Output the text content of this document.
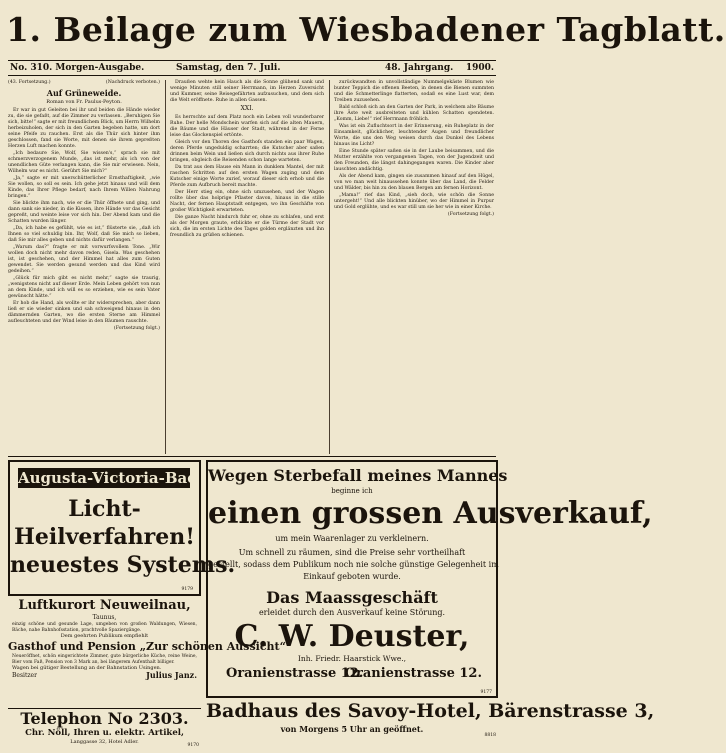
1. Beilage zum Wiesbadener Tagblatt.
No. 310. Morgen-Ausgabe.	Samstag, den 7. Juli.	48. Jahrgang. 1900.
(43. Fortsetzung.)	(Nachdruck verboten.)
Auf Grüneweide.
Roman von Fr. Paulus-Peyton.

Er war in gut Geleiten bei ihr und beiden die Hände wieder zu, die sie gefaßt, auf die Zimmer zu verlassen. „Beruhigen Sie sich, bitte!“ sagte er mit freundlichem Blick, um Herrn Wilhelm herbeizuholen, der sich in den Garten begeben hatte, um dort seine Pfeife zu rauchen. Erst als die Thür sich hinter ihm geschlossen, fand sie Worte, mit denen sie ihrem gepreßten Herzen Luft machen konnte.

„Ich bedaure Sie, Wolf, Sie wissen's,“ sprach sie mit schmerzverzogenem Munde, „das ist mehr, als ich von der unendlichen Güte verlangen kann, die Sie mir erwiesen. Nein, Wilhelm war es nicht. Gerührt Sie mich?“

„Ja,“ sagte er mit unerschütterlicher Ernsthaftigkeit, „wie Sie wollen, so soll es sein. Ich gehe jetzt hinaus und will dem Kinde, das Ihrer Pflege bedarf, nach Ihrem Willen Nahrung bringen.“

Sie blickte ihm nach, wie er die Thür öffnete und ging, und dann sank sie nieder, in die Kissen, ihre Hände vor das Gesicht gepreßt, und weinte leise vor sich hin. Der Abend kam und die Schatten wurden länger.

„Da, ich habe es gefühlt, wie es ist,“ flüsterte sie, „daß ich Ihnen so viel schuldig bin. Ihr, Wolf, daß Sie mich so lieben, daß Sie mir alles geben und nichts dafür verlangen.“

„Warum das?“ fragte er mit vorwurfsvollem Tone. „Wir wollen doch nicht mehr davon reden, Gisela. Was geschehen ist, ist geschehen, und der Himmel hat alles zum Guten gewendet. Sie werden gesund werden und das Kind wird gedeihen.“

„Glück für mich gibt es nicht mehr,“ sagte sie traurig, „wenigstens nicht auf dieser Erde. Mein Leben gehört von nun an dem Kinde, und ich will es so erziehen, wie es sein Vater gewünscht hätte.“

Er hob die Hand, als wollte er ihr widersprechen, aber dann ließ er sie wieder sinken und sah schweigend hinaus in den dämmernden Garten, wo die ersten Sterne am Himmel aufleuchteten und der Wind leise in den Bäumen rauschte.

(Fortsetzung folgt.)

Draußen wehte kein Hauch als die Sonne glühend sank und wenige Minuten still seiner Herrmann, im Herzen Zuversicht und Kummer, seine Reisegefährten aufzusuchen, und dem sich die Welt eröffnete. Ruhe in allen Gassen.

XXI.

Es herrschte auf dem Platz noch ein Leben voll wunderbarer Ruhe. Der helle Mondschein warfen sich auf die alten Mauern, die Bäume und die Häuser der Stadt, während in der Ferne leise das Glockenspiel ertönte.

Gleich vor den Thoren des Gasthofs standen ein paar Wagen, deren Pferde ungeduldig scharrten; die Kutscher aber saßen drinnen beim Wein und ließen sich durch nichts aus ihrer Ruhe bringen, obgleich die Reisenden schon lange warteten.

Da trat aus dem Hause ein Mann in dunklem Mantel, der mit raschen Schritten auf den ersten Wagen zuging und dem Kutscher einige Worte zurief, worauf dieser sich erhob und die Pferde zum Aufbruch bereit machte.

Der Herr stieg ein, ohne sich umzusehen, und der Wagen rollte über das holprige Pflaster davon, hinaus in die stille Nacht, der fernen Hauptstadt entgegen, wo ihn Geschäfte von großer Wichtigkeit erwarteten.

Die ganze Nacht hindurch fuhr er, ohne zu schlafen, und erst als der Morgen graute, erblickte er die Türme der Stadt vor sich, die im ersten Lichte des Tages golden erglänzten und ihn freundlich zu grüßen schienen.

zurückwandten in unvollständige Nummelgekäste Blumen wie bunter Teppich die offenen Beeten, in denen die Bienen summten und die Schmetterlinge flatterten, sodaß es eine Lust war, dem Treiben zuzusehen.

Bald schloß sich an den Garten der Park, in welchem alte Bäume ihre Äste weit ausbreiteten und kühlen Schatten spendeten. „Komm, Liebe!“ rief Herrmann fröhlich.

Was ist ein Zufluchtsort in der Erinnerung, ein Ruheplatz in der Einsamkeit, glücklicher, leuchtender Augen und freundlicher Worte, die uns den Weg weisen durch das Dunkel des Lebens hinaus ins Licht?

Eine Stunde später saßen sie in der Laube beisammen, und die Mutter erzählte von vergangenen Tagen, von der Jugendzeit und den Freunden, die längst dahingegangen waren. Die Kinder aber lauschten andächtig.

Als der Abend kam, gingen sie zusammen hinauf auf den Hügel, von wo man weit hinaussehen konnte über das Land, die Felder und Wälder, bis hin zu den blauen Bergen am fernen Horizont.

„Mama!“ rief das Kind, „sieh doch, wie schön die Sonne untergeht!“ Und alle blickten hinüber, wo der Himmel in Purpur und Gold erglühte, und es war still um sie her wie in einer Kirche.

(Fortsetzung folgt.)
Augusta-Victoria-Bad
Licht-
Heilverfahren!
neuestes Systems.
9179
Luftkurort Neuweilnau,
Taunus,
einzig schöne und gesunde Lage, umgeben von großen Waldungen, Wiesen, Bäche, nahe Bahnhofsstation, prachtvolle Spaziergänge.
Dem geehrten Publikum empfiehlt
Gasthof und Pension „Zur schönen Aussicht“
Neueröffnet, schön eingerichtete Zimmer, gute bürgerliche Küche, reine Weine, Bier vom Faß, Pension von 3 Mark an, bei längerem Aufenthalt billiger.
Wagen bei gütiger Bestellung an der Bahnstation Usingen.
Besitzer	Julius Janz.
Telephon No 2303.
Chr. Nöll, Ihren u. elektr. Artikel,
Langgasse 32, Hotel Adler.
9170
Wegen Sterbefall meines Mannes
beginne ich
einen grossen Ausverkauf,
um mein Waarenlager zu verkleinern.
Um schnell zu räumen, sind die Preise sehr vortheilhaft
gestellt, sodass dem Publikum noch nie solche günstige Gelegenheit im
Einkauf geboten wurde.
Das Maassgeschäft
erleidet durch den Ausverkauf keine Störung.
C. W. Deuster,
Inh. Friedr. Haarstick Wwe.,
Oranienstrasse 12.
Oranienstrasse 12.
9177
Badhaus des Savoy-Hotel, Bärenstrasse 3,
von Morgens 5 Uhr an geöffnet.
8818
